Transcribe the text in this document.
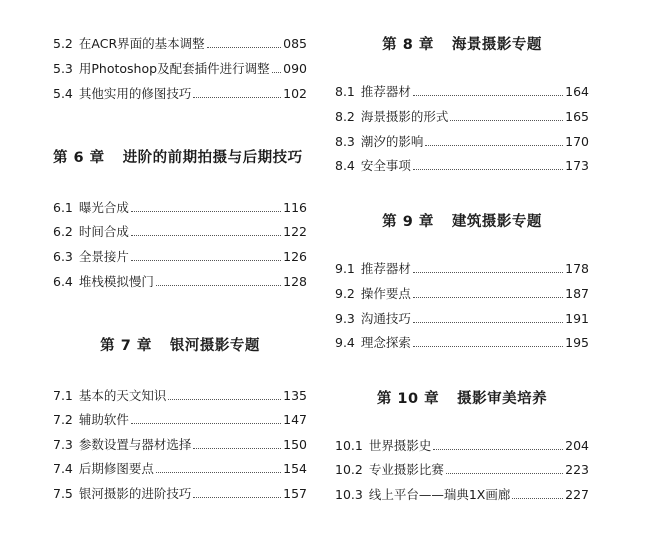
5.2 在ACR界面的基本调整	085
5.3 用Photoshop及配套插件进行调整 090
5.4 其他实用的修图技巧	102
第 6 章 进阶的前期拍摄与后期技巧
6.1 曝光合成	116
6.2 时间合成	122
6.3 全景接片	126
6.4 堆栈模拟慢门	128
第 7 章 银河摄影专题
7.1 基本的天文知识	135
7.2 辅助软件	147
7.3 参数设置与器材选择	150
7.4 后期修图要点	154
7.5 银河摄影的进阶技巧	157
第 8 章 海景摄影专题
8.1 推荐器材	164
8.2 海景摄影的形式	165
8.3 潮汐的影响	170
8.4 安全事项	173
第 9 章 建筑摄影专题
9.1 推荐器材	178
9.2 操作要点	187
9.3 沟通技巧	191
9.4 理念探索	195
第 10 章 摄影审美培养
10.1 世界摄影史	204
10.2 专业摄影比赛	223
10.3 线上平台——瑞典1X画廊	227
